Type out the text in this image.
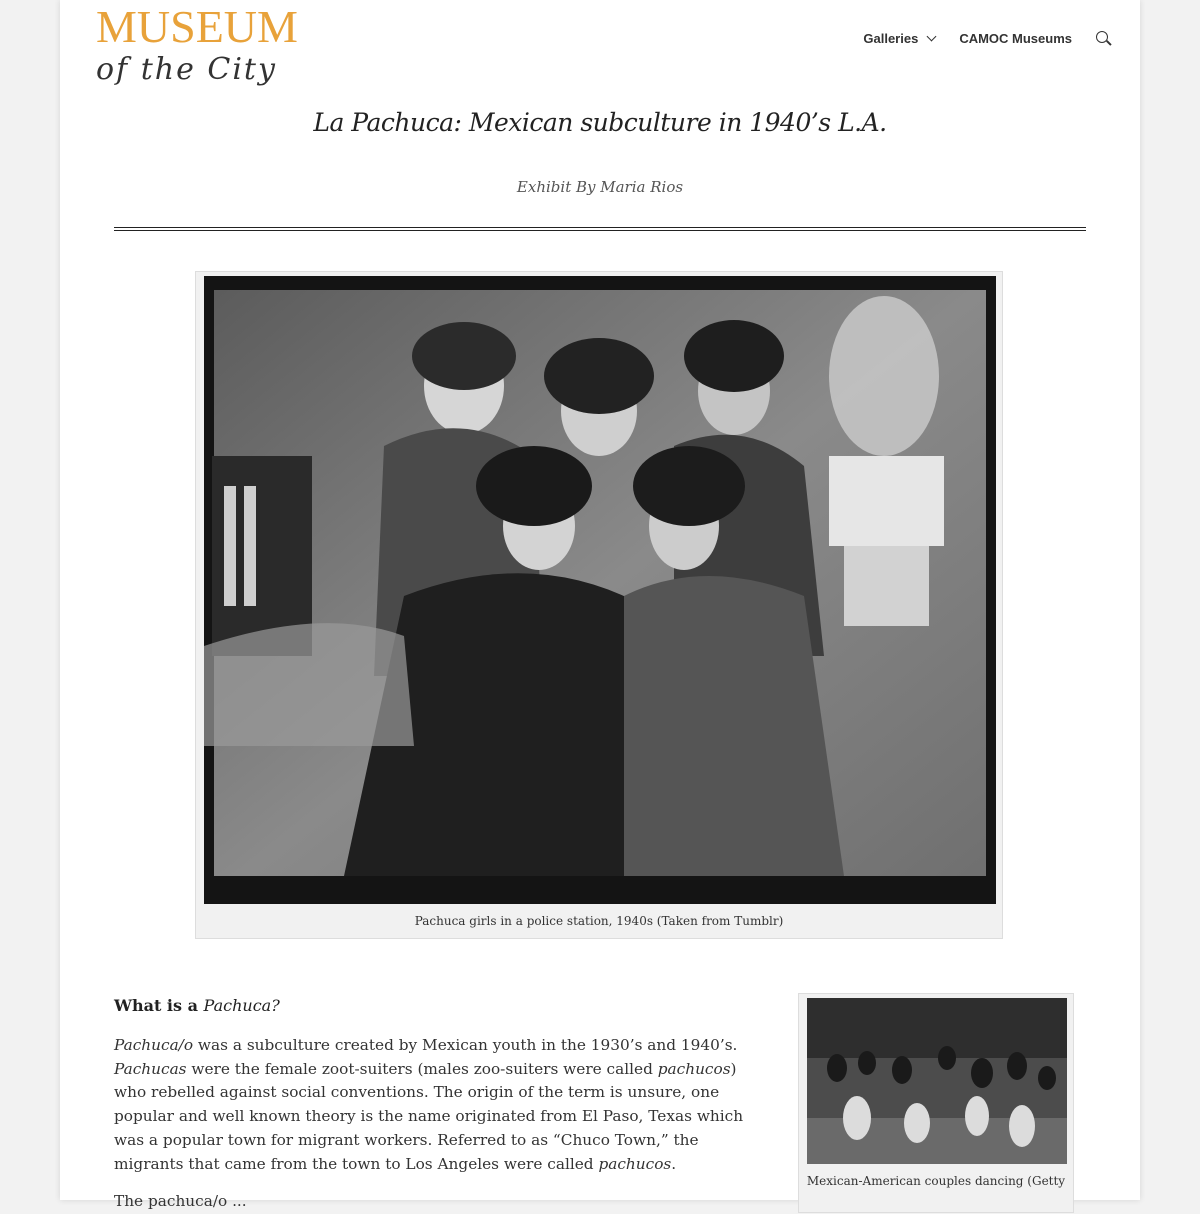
MUSEUM
of the City
Galleries	CAMOC Museums
La Pachuca: Mexican subculture in 1940’s L.A.
Exhibit By Maria Rios
Pachuca girls in a police station, 1940s (Taken from Tumblr)
What is a Pachuca?
Pachuca/o was a subculture created by Mexican youth in the 1930’s and 1940’s. Pachucas were the female zoot-suiters (males zoo-suiters were called pachucos) who rebelled against social conventions. The origin of the term is unsure, one popular and well known theory is the name originated from El Paso, Texas which was a popular town for migrant workers. Referred to as “Chuco Town,” the migrants that came from the town to Los Angeles were called pachucos.
The pachuca/o ...
Mexican-American couples dancing (Getty
